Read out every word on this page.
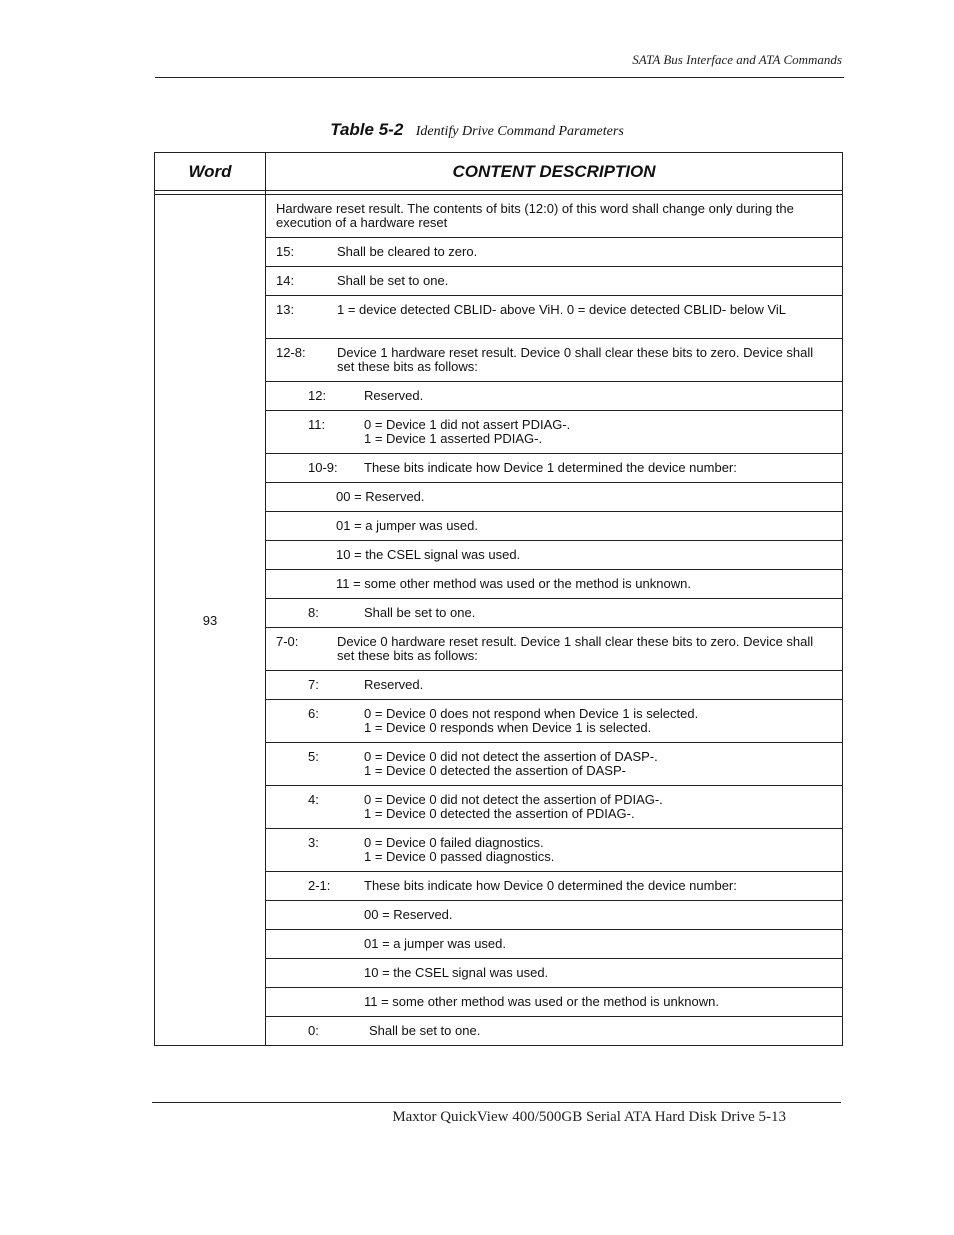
SATA Bus Interface and ATA Commands
Table 5-2 Identify Drive Command Parameters
Word	CONTENT DESCRIPTION

93	Hardware reset result. The contents of bits (12:0) of this word shall change only during the execution of a hardware reset

	15: Shall be cleared to zero.

	14: Shall be set to one.

	13: 1 = device detected CBLID- above ViH. 0 = device detected CBLID- below ViL

	12-8: Device 1 hardware reset result. Device 0 shall clear these bits to zero. Device shall set these bits as follows:

	12: Reserved.

	11: 0 = Device 1 did not assert PDIAG-.
1 = Device 1 asserted PDIAG-.

	10-9: These bits indicate how Device 1 determined the device number:

	00 = Reserved.
	01 = a jumper was used.
	10 = the CSEL signal was used.
	11 = some other method was used or the method is unknown.

	8: Shall be set to one.

	7-0: Device 0 hardware reset result. Device 1 shall clear these bits to zero. Device shall set these bits as follows:

	7: Reserved.

	6: 0 = Device 0 does not respond when Device 1 is selected.
1 = Device 0 responds when Device 1 is selected.

	5: 0 = Device 0 did not detect the assertion of DASP-.
1 = Device 0 detected the assertion of DASP-

	4: 0 = Device 0 did not detect the assertion of PDIAG-.
1 = Device 0 detected the assertion of PDIAG-.

	3: 0 = Device 0 failed diagnostics.
1 = Device 0 passed diagnostics.

	2-1: These bits indicate how Device 0 determined the device number:

	00 = Reserved.
	01 = a jumper was used.
	10 = the CSEL signal was used.
	11 = some other method was used or the method is unknown.

	0: Shall be set to one.
Maxtor QuickView 400/500GB Serial ATA Hard Disk Drive 5-13
